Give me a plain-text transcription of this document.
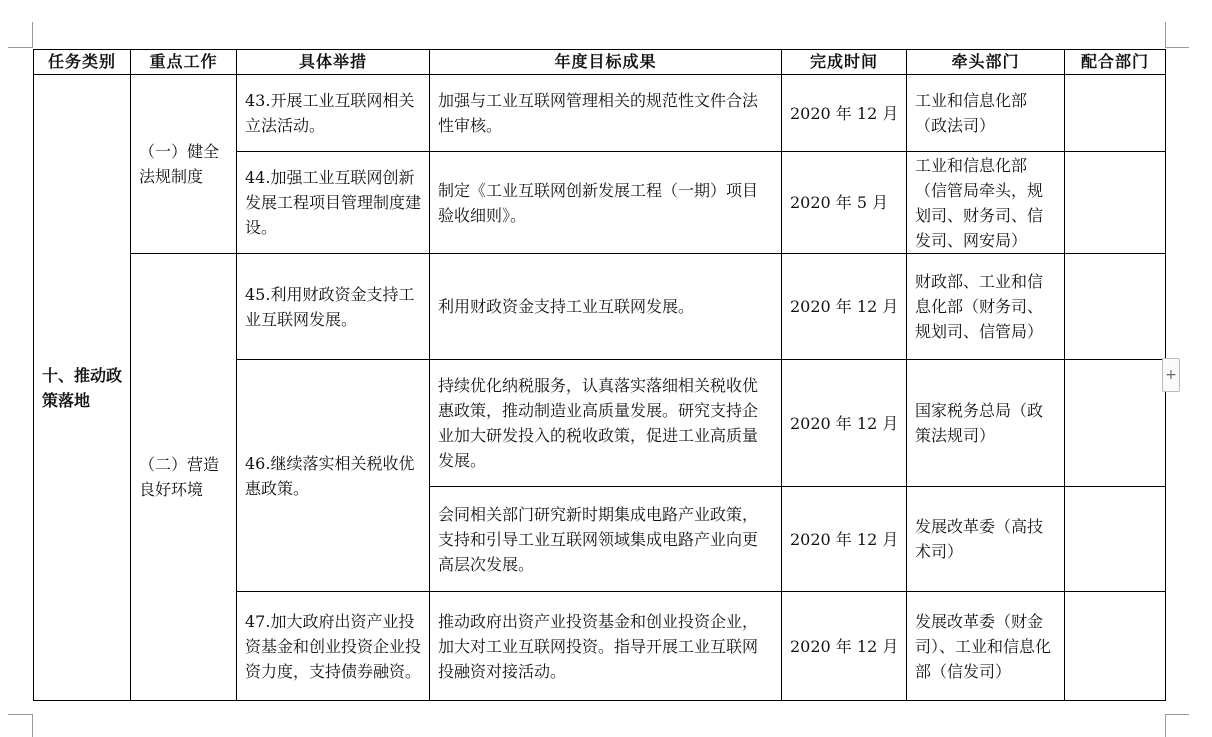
任务类别	重点工作	具体举措	年度目标成果	完成时间	牵头部门	配合部门
十、推动政策落地	（一）健全法规制度	43.开展工业互联网相关立法活动。	加强与工业互联网管理相关的规范性文件合法性审核。	2020 年 12 月	工业和信息化部（政法司）	
		44.加强工业互联网创新发展工程项目管理制度建设。	制定《工业互联网创新发展工程（一期）项目验收细则》。	2020 年 5 月	工业和信息化部（信管局牵头，规划司、财务司、信发司、网安局）	
	（二）营造良好环境	45.利用财政资金支持工业互联网发展。	利用财政资金支持工业互联网发展。	2020 年 12 月	财政部、工业和信息化部（财务司、规划司、信管局）	
		46.继续落实相关税收优惠政策。	持续优化纳税服务，认真落实落细相关税收优惠政策，推动制造业高质量发展。研究支持企业加大研发投入的税收政策，促进工业高质量发展。	2020 年 12 月	国家税务总局（政策法规司）	
			会同相关部门研究新时期集成电路产业政策，支持和引导工业互联网领域集成电路产业向更高层次发展。	2020 年 12 月	发展改革委（高技术司）	
		47.加大政府出资产业投资基金和创业投资企业投资力度，支持债券融资。	推动政府出资产业投资基金和创业投资企业，加大对工业互联网投资。指导开展工业互联网投融资对接活动。	2020 年 12 月	发展改革委（财金司）、工业和信息化部（信发司）	
+
